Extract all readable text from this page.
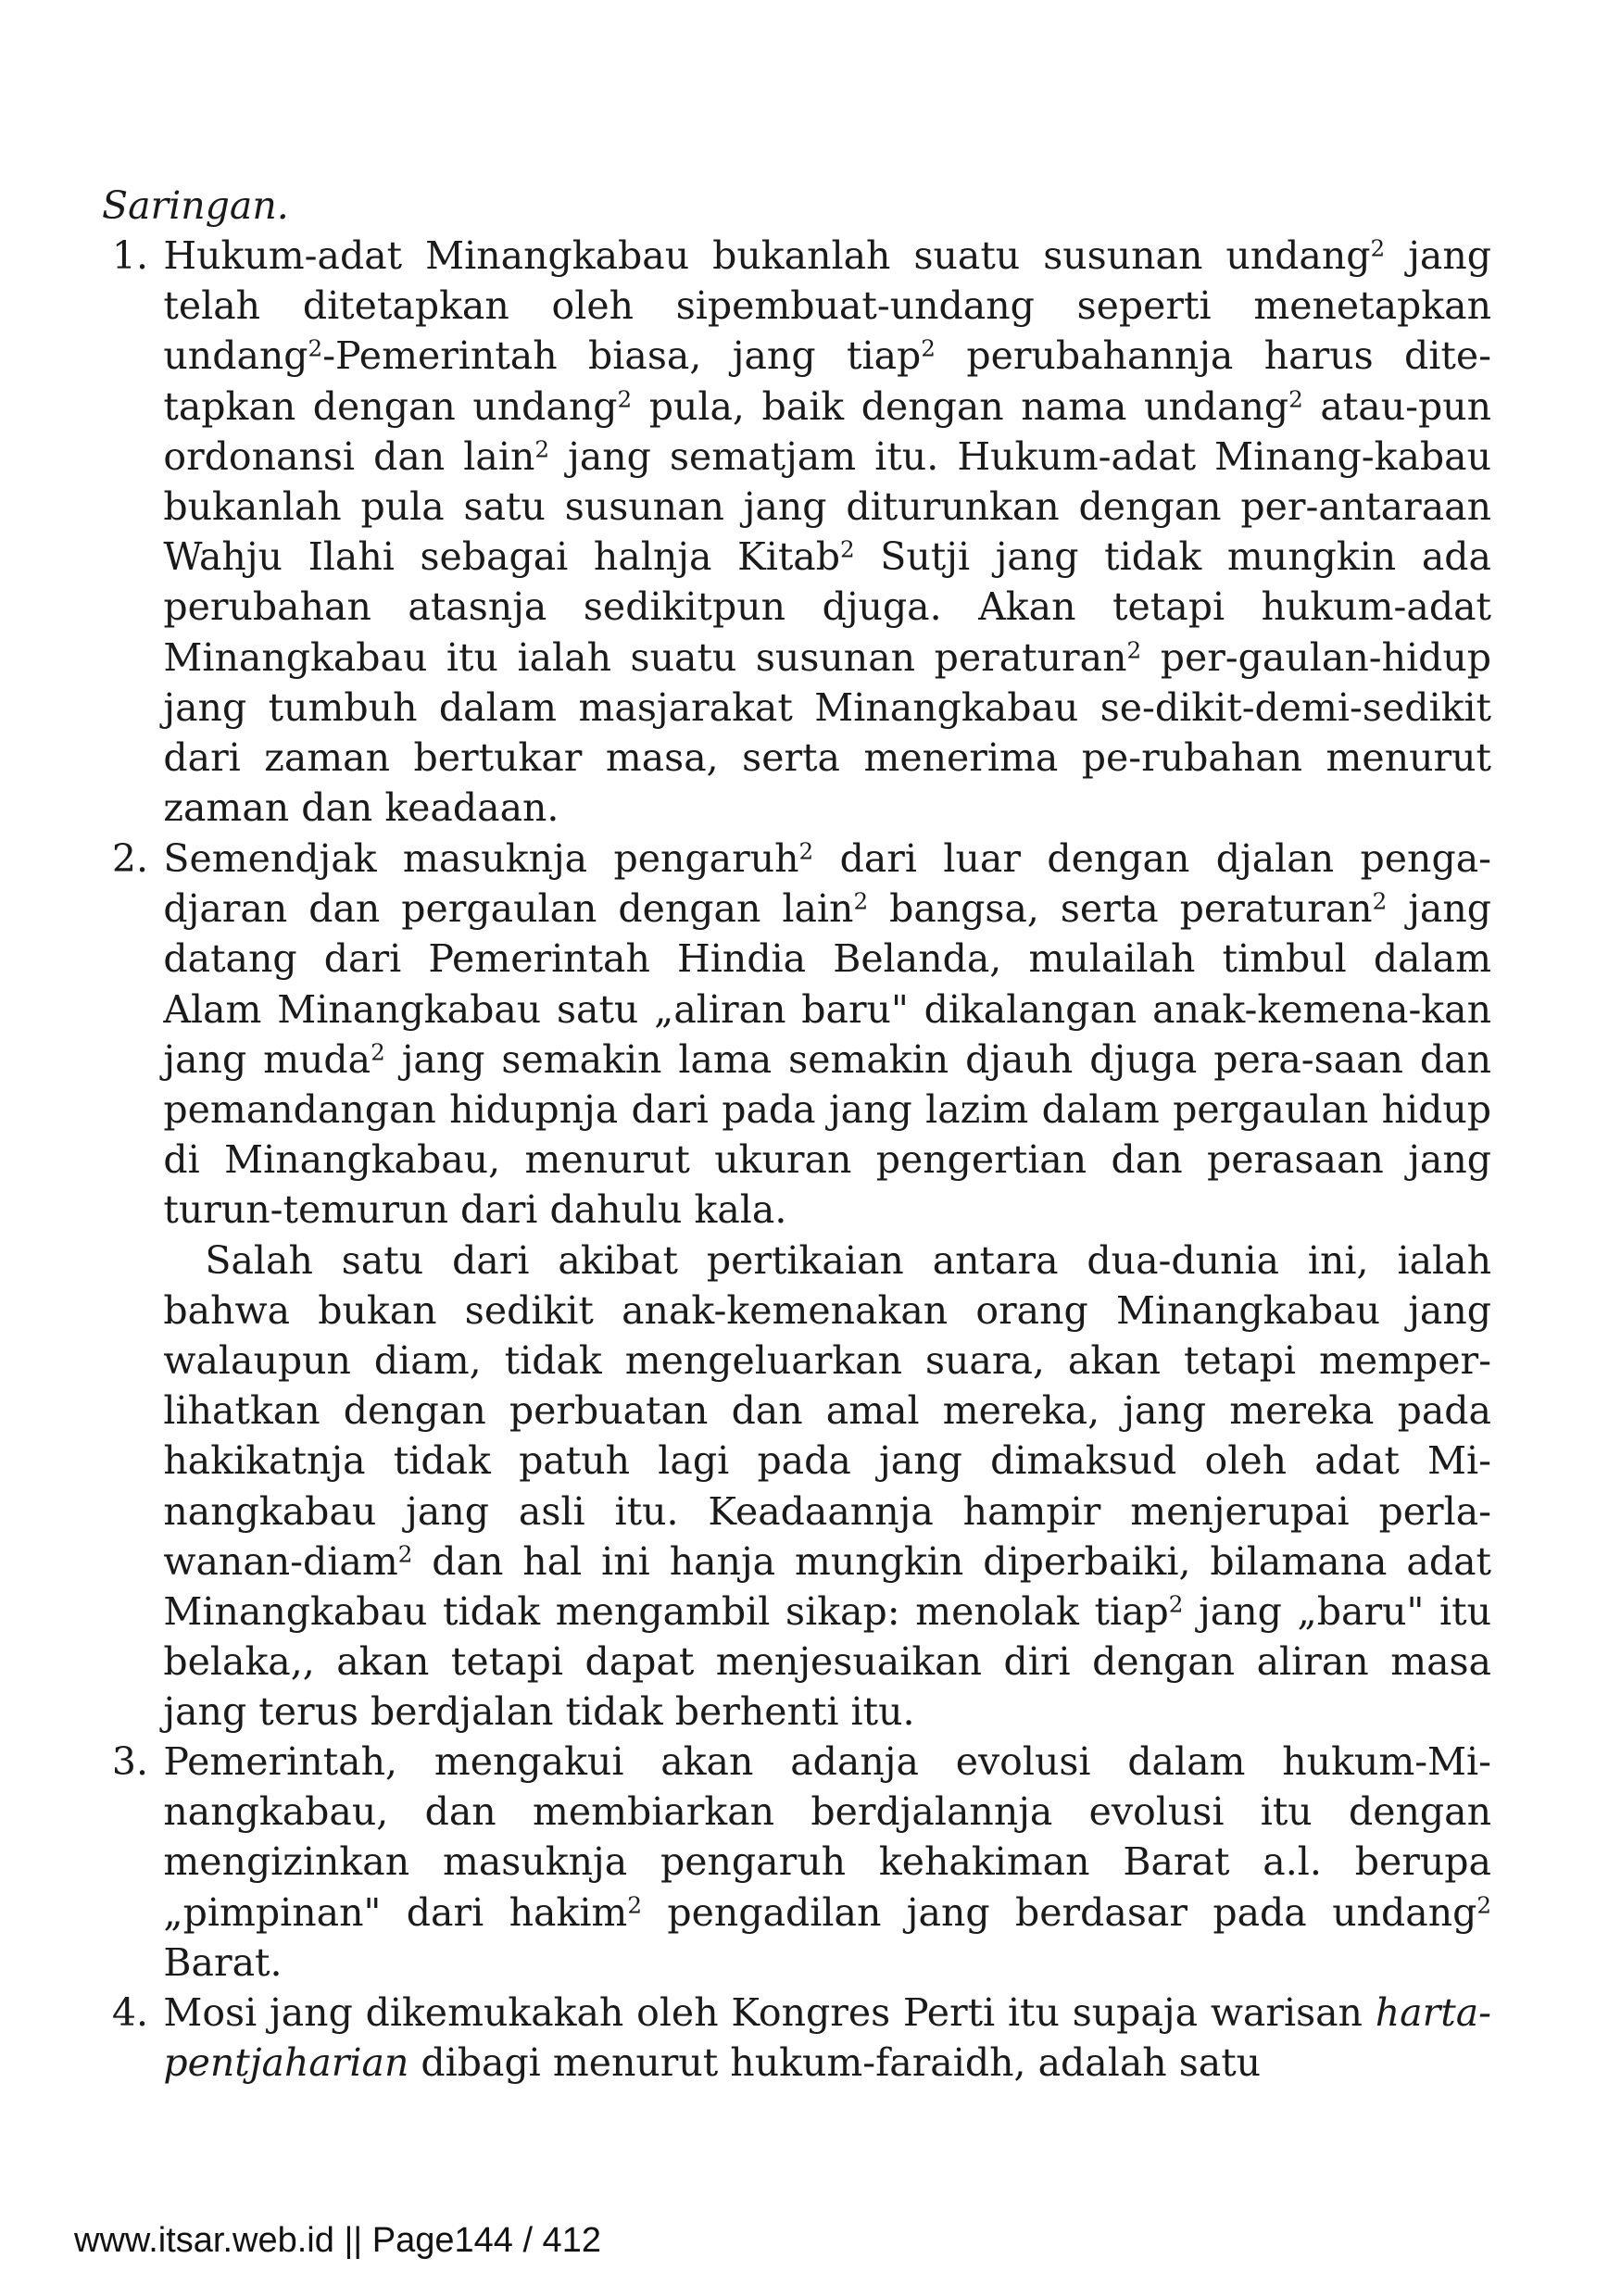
Saringan.

1. Hukum-adat Minangkabau bukanlah suatu susunan undang$^2$ jang telah ditetapkan oleh sipembuat-undang seperti menetapkan undang$^2$-Pemerintah biasa, jang tiap$^2$ perubahannja harus dite-tapkan dengan undang$^2$ pula, baik dengan nama undang$^2$ atau-pun ordonansi dan lain$^2$ jang sematjam itu. Hukum-adat Minang-kabau bukanlah pula satu susunan jang diturunkan dengan per-antaraan Wahju Ilahi sebagai halnja Kitab$^2$ Sutji jang tidak mungkin ada perubahan atasnja sedikitpun djuga. Akan tetapi hukum-adat Minangkabau itu ialah suatu susunan peraturan$^2$ per-gaulan-hidup jang tumbuh dalam masjarakat Minangkabau se-dikit-demi-sedikit dari zaman bertukar masa, serta menerima pe-rubahan menurut zaman dan keadaan.

2. Semendjak masuknja pengaruh$^2$ dari luar dengan djalan penga-djaran dan pergaulan dengan lain$^2$ bangsa, serta peraturan$^2$ jang datang dari Pemerintah Hindia Belanda, mulailah timbul dalam Alam Minangkabau satu „aliran baru" dikalangan anak-kemena-kan jang muda$^2$ jang semakin lama semakin djauh djuga pera-saan dan pemandangan hidupnja dari pada jang lazim dalam pergaulan hidup di Minangkabau, menurut ukuran pengertian dan perasaan jang turun-temurun dari dahulu kala.

Salah satu dari akibat pertikaian antara dua-dunia ini, ialah bahwa bukan sedikit anak-kemenakan orang Minangkabau jang walaupun diam, tidak mengeluarkan suara, akan tetapi memper-lihatkan dengan perbuatan dan amal mereka, jang mereka pada hakikatnja tidak patuh lagi pada jang dimaksud oleh adat Mi-nangkabau jang asli itu. Keadaannja hampir menjerupai perla-wanan-diam$^2$ dan hal ini hanja mungkin diperbaiki, bilamana adat Minangkabau tidak mengambil sikap: menolak tiap$^2$ jang „baru" itu belaka,, akan tetapi dapat menjesuaikan diri dengan aliran masa jang terus berdjalan tidak berhenti itu.

3. Pemerintah, mengakui akan adanja evolusi dalam hukum-Mi-nangkabau, dan membiarkan berdjalannja evolusi itu dengan mengizinkan masuknja pengaruh kehakiman Barat a.l. berupa „pimpinan" dari hakim$^2$ pengadilan jang berdasar pada undang$^2$ Barat.

4. Mosi jang dikemukakah oleh Kongres Perti itu supaja warisan harta-pentjaharian dibagi menurut hukum-faraidh, adalah satu

www.itsar.web.id || Page144 / 412
